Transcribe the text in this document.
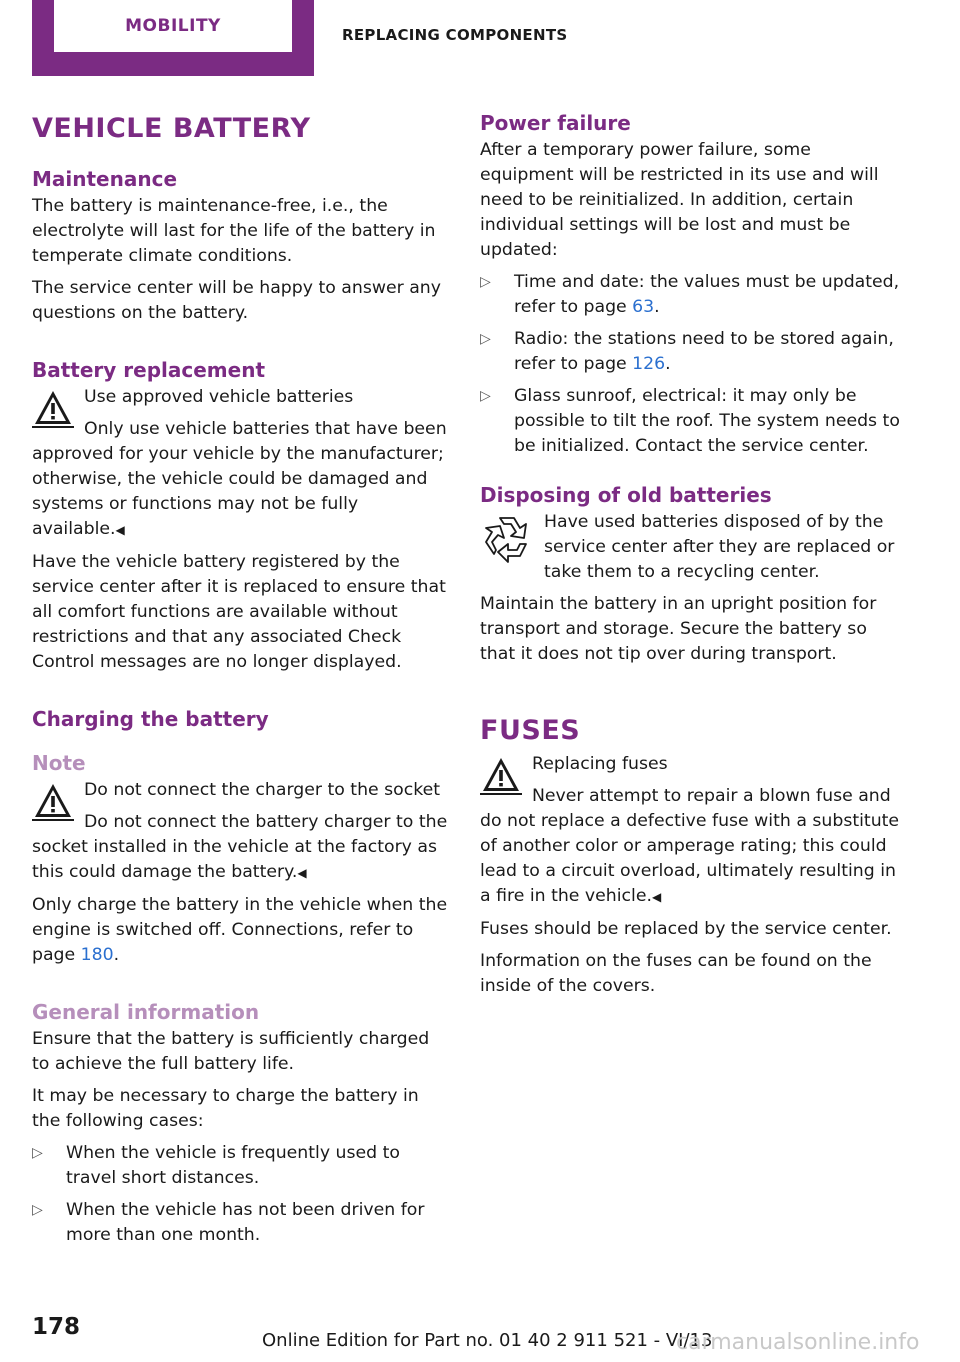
MOBILITY	REPLACING COMPONENTS
VEHICLE BATTERY
Maintenance

The battery is maintenance-free, i.e., the electrolyte will last for the life of the battery in temperate climate conditions.

The service center will be happy to answer any questions on the battery.

Battery replacement
Use approved vehicle batteries

Only use vehicle batteries that have been approved for your vehicle by the manufacturer; otherwise, the vehicle could be damaged and systems or functions may not be fully available.◀

Have the vehicle battery registered by the service center after it is replaced to ensure that all comfort functions are available without restrictions and that any associated Check Control messages are no longer displayed.

Charging the battery
Note
Do not connect the charger to the socket

Do not connect the battery charger to the socket installed in the vehicle at the factory as this could damage the battery.◀

Only charge the battery in the vehicle when the engine is switched off. Connections, refer to page 180.

General information

Ensure that the battery is sufficiently charged to achieve the full battery life.

It may be necessary to charge the battery in the following cases:

▷ When the vehicle is frequently used to travel short distances.
▷ When the vehicle has not been driven for more than one month.
Power failure

After a temporary power failure, some equipment will be restricted in its use and will need to be reinitialized. In addition, certain individual settings will be lost and must be updated:

▷ Time and date: the values must be updated, refer to page 63.
▷ Radio: the stations need to be stored again, refer to page 126.
▷ Glass sunroof, electrical: it may only be possible to tilt the roof. The system needs to be initialized. Contact the service center.
Disposing of old batteries

Have used batteries disposed of by the service center after they are replaced or take them to a recycling center.

Maintain the battery in an upright position for transport and storage. Secure the battery so that it does not tip over during transport.

FUSES
Replacing fuses

Never attempt to repair a blown fuse and do not replace a defective fuse with a substitute of another color or amperage rating; this could lead to a circuit overload, ultimately resulting in a fire in the vehicle.◀

Fuses should be replaced by the service center.

Information on the fuses can be found on the inside of the covers.

178
Online Edition for Part no. 01 40 2 911 521 - VI/13
carmanualsonline.info
